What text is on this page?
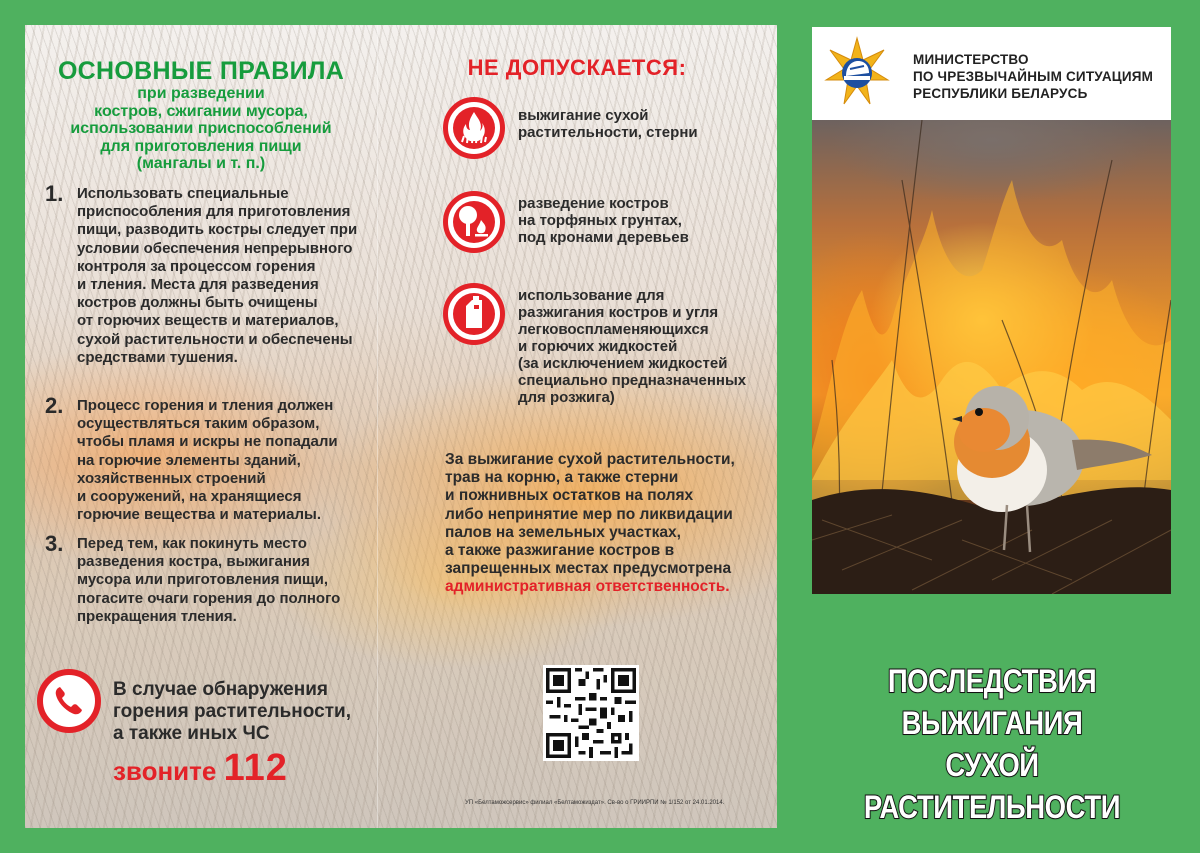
ОСНОВНЫЕ ПРАВИЛА
при разведении
костров, сжигании мусора,
использовании приспособлений
для приготовления пищи
(мангалы и т. п.)
1. Использовать специальные
приспособления для приготовления
пищи, разводить костры следует при
условии обеспечения непрерывного
контроля за процессом горения
и тления. Места для разведения
костров должны быть очищены
от горючих веществ и материалов,
сухой растительности и обеспечены
средствами тушения.
2. Процесс горения и тления должен
осуществляться таким образом,
чтобы пламя и искры не попадали
на горючие элементы зданий,
хозяйственных строений
и сооружений, на хранящиеся
горючие вещества и материалы.
3. Перед тем, как покинуть место
разведения костра, выжигания
мусора или приготовления пищи,
погасите очаги горения до полного
прекращения тления.
В случае обнаружения
горения растительности,
а также иных ЧС
звоните 112
НЕ ДОПУСКАЕТСЯ:
выжигание сухой
растительности, стерни
разведение костров
на торфяных грунтах,
под кронами деревьев
использование для
разжигания костров и угля
легковоспламеняющихся
и горючих жидкостей
(за исключением жидкостей
специально предназначенных
для розжига)
За выжигание сухой растительности,
трав на корню, а также стерни
и пожнивных остатков на полях
либо непринятие мер по ликвидации
палов на земельных участках,
а также разжигание костров в
запрещенных местах предусмотрена
административная ответственность.
УП «Белтаможсервис» филиал «Белтаможиздат». Св-во о ГРИИРПИ № 1/152 от 24.01.2014.
МИНИСТЕРСТВО
ПО ЧРЕЗВЫЧАЙНЫМ СИТУАЦИЯМ
РЕСПУБЛИКИ БЕЛАРУСЬ
ПОСЛЕДСТВИЯ ВЫЖИГАНИЯ
СУХОЙ РАСТИТЕЛЬНОСТИ
